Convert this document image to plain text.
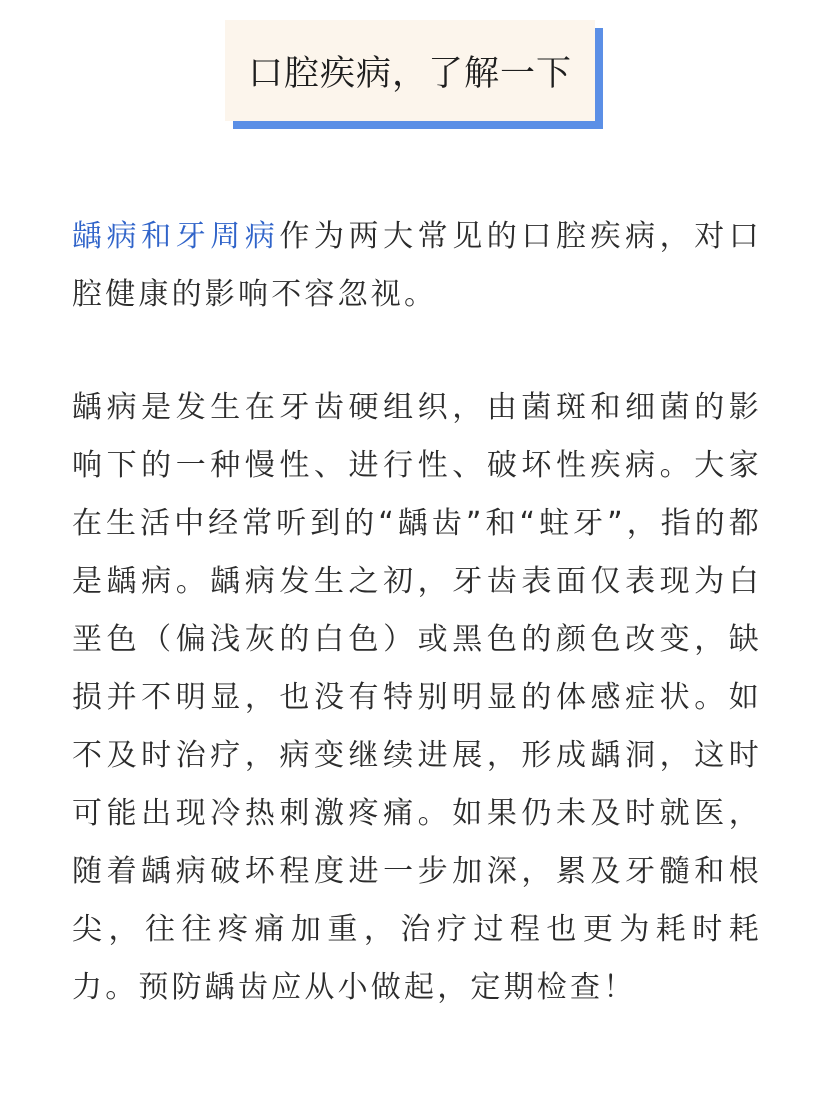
口腔疾病，了解一下

龋病和牙周病作为两大常见的口腔疾病，对口腔健康的影响不容忽视。

龋病是发生在牙齿硬组织，由菌斑和细菌的影响下的一种慢性、进行性、破坏性疾病。大家在生活中经常听到的“龋齿”和“蛀牙”，指的都是龋病。龋病发生之初，牙齿表面仅表现为白垩色（偏浅灰的白色）或黑色的颜色改变，缺损并不明显，也没有特别明显的体感症状。如不及时治疗，病变继续进展，形成龋洞，这时可能出现冷热刺激疼痛。如果仍未及时就医，随着龋病破坏程度进一步加深，累及牙髓和根尖，往往疼痛加重，治疗过程也更为耗时耗力。预防龋齿应从小做起，定期检查！
